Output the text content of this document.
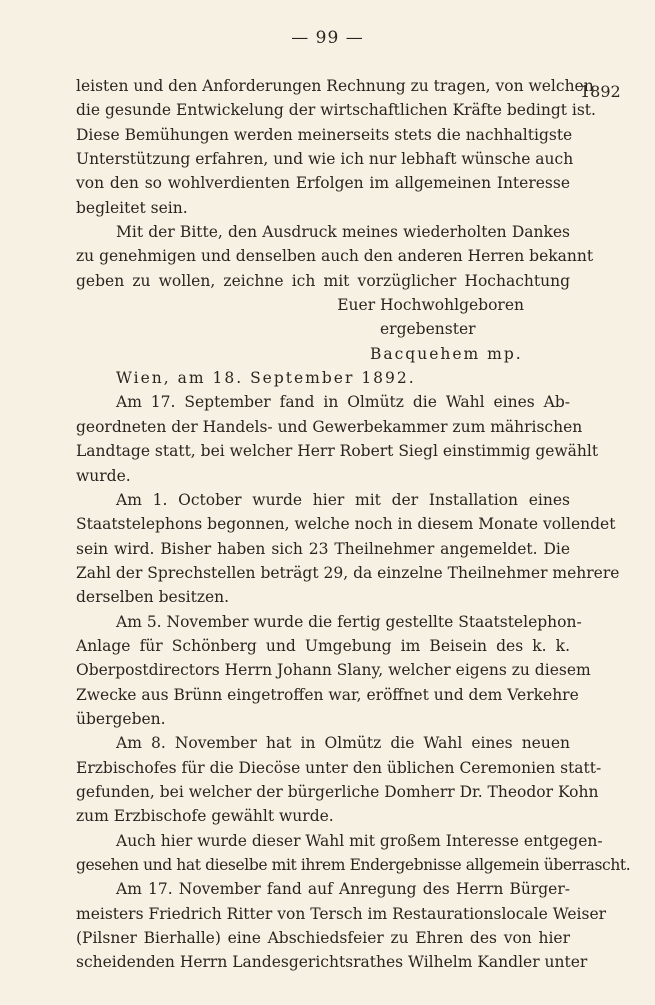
— 99 —
1892
leisten und den Anforderungen Rechnung zu tragen, von welchen
die gesunde Entwickelung der wirtschaftlichen Kräfte bedingt ist.
Diese Bemühungen werden meinerseits stets die nachhaltigste
Unterstützung erfahren, und wie ich nur lebhaft wünsche auch
von den so wohlverdienten Erfolgen im allgemeinen Interesse
begleitet sein.
Mit der Bitte, den Ausdruck meines wiederholten Dankes
zu genehmigen und denselben auch den anderen Herren bekannt
geben zu wollen, zeichne ich mit vorzüglicher Hochachtung
Euer Hochwohlgeboren
ergebenster
Bacquehem mp.
Wien, am 18. September 1892.
Am 17. September fand in Olmütz die Wahl eines Ab-
geordneten der Handels- und Gewerbekammer zum mährischen
Landtage statt, bei welcher Herr Robert Siegl einstimmig gewählt
wurde.
Am 1. October wurde hier mit der Installation eines
Staatstelephons begonnen, welche noch in diesem Monate vollendet
sein wird. Bisher haben sich 23 Theilnehmer angemeldet. Die
Zahl der Sprechstellen beträgt 29, da einzelne Theilnehmer mehrere
derselben besitzen.
Am 5. November wurde die fertig gestellte Staatstelephon-
Anlage für Schönberg und Umgebung im Beisein des k. k.
Oberpostdirectors Herrn Johann Slany, welcher eigens zu diesem
Zwecke aus Brünn eingetroffen war, eröffnet und dem Verkehre
übergeben.
Am 8. November hat in Olmütz die Wahl eines neuen
Erzbischofes für die Diecöse unter den üblichen Ceremonien statt-
gefunden, bei welcher der bürgerliche Domherr Dr. Theodor Kohn
zum Erzbischofe gewählt wurde.
Auch hier wurde dieser Wahl mit großem Interesse entgegen-
gesehen und hat dieselbe mit ihrem Endergebnisse allgemein überrascht.
Am 17. November fand auf Anregung des Herrn Bürger-
meisters Friedrich Ritter von Tersch im Restaurationslocale Weiser
(Pilsner Bierhalle) eine Abschiedsfeier zu Ehren des von hier
scheidenden Herrn Landesgerichtsrathes Wilhelm Kandler unter
